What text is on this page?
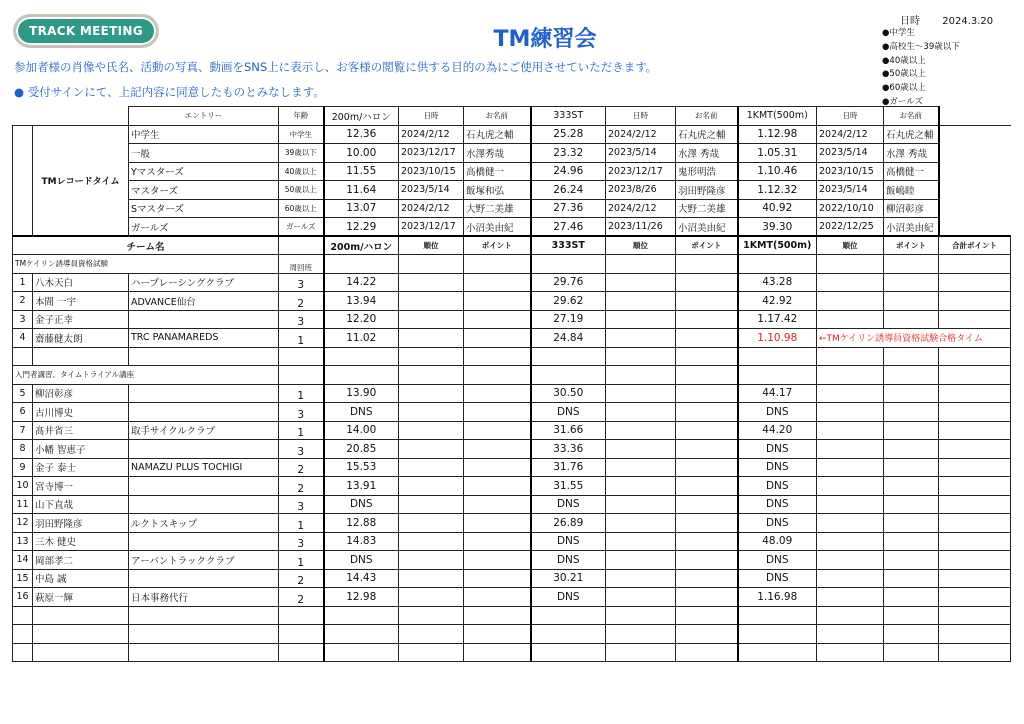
TRACK MEETING	TM練習会
参加者様の肖像や氏名、活動の写真、動画をSNS上に表示し、お客様の閲覧に供する目的の為にご使用させていただきます。
● 受付サインにて、上記内容に同意したものとみなします。
日時 2024.3.20
●中学生
●高校生～39歳以下
●40歳以上
●50歳以上
●60歳以上
●ガールズ
		エントリー	年齢	200m/ハロン	日時	お名前	333ST	日時	お名前	1KMT(500m)	日時	お名前	
	TMレコードタイム	中学生	中学生	12.36	2024/2/12	石丸虎之輔	25.28	2024/2/12	石丸虎之輔	1.12.98	2024/2/12	石丸虎之輔	
		一般	39歳以下	10.00	2023/12/17	水澤秀哉	23.32	2023/5/14	水澤 秀哉	1.05.31	2023/5/14	水澤 秀哉	
		Yマスターズ	40歳以上	11.55	2023/10/15	高橋健一	24.96	2023/12/17	鬼形明浩	1.10.46	2023/10/15	高橋健一	
		マスターズ	50歳以上	11.64	2023/5/14	飯塚和弘	26.24	2023/8/26	羽田野隆彦	1.12.32	2023/5/14	飯嶋睦	
		Sマスターズ	60歳以上	13.07	2024/2/12	大野二美雄	27.36	2024/2/12	大野二美雄	40.92	2022/10/10	柳沼彰彦	
		ガールズ	ガールズ	12.29	2023/12/17	小沼美由紀	27.46	2023/11/26	小沼美由紀	39.30	2022/12/25	小沼美由紀	
チーム名				200m/ハロン	順位	ポイント	333ST	順位	ポイント	1KMT(500m)	順位	ポイント	合計ポイント
TMケイリン誘導員資格試験			周回班										
1	八木天白	ハープレーシングクラブ	3	14.22			29.76			43.28			
2	本間 一宇	ADVANCE仙台	2	13.94			29.62			42.92			
3	金子正幸		3	12.20			27.19			1.17.42			
4	齋藤健太朗	TRC PANAMAREDS	1	11.02			24.84			1.10.98	←TMケイリン誘導員資格試験合格タイム		

入門者講習、タイムトライアル講座													
5	柳沼彰彦		1	13.90			30.50			44.17			
6	古川博史		3	DNS			DNS			DNS			
7	髙井省三	取手サイクルクラブ	1	14.00			31.66			44.20			
8	小幡 智恵子		3	20.85			33.36			DNS			
9	金子 泰士	NAMAZU PLUS TOCHIGI	2	15.53			31.76			DNS			
10	宮寺博一		2	13.91			31.55			DNS			
11	山下直哉		3	DNS			DNS			DNS			
12	羽田野隆彦	ルクトスキップ	1	12.88			26.89			DNS			
13	三木 健史		3	14.83			DNS			48.09			
14	岡部孝二	アーバントラッククラブ	1	DNS			DNS			DNS			
15	中島 誠		2	14.43			30.21			DNS			
16	萩原一輝	日本事務代行	2	12.98			DNS			1.16.98			
